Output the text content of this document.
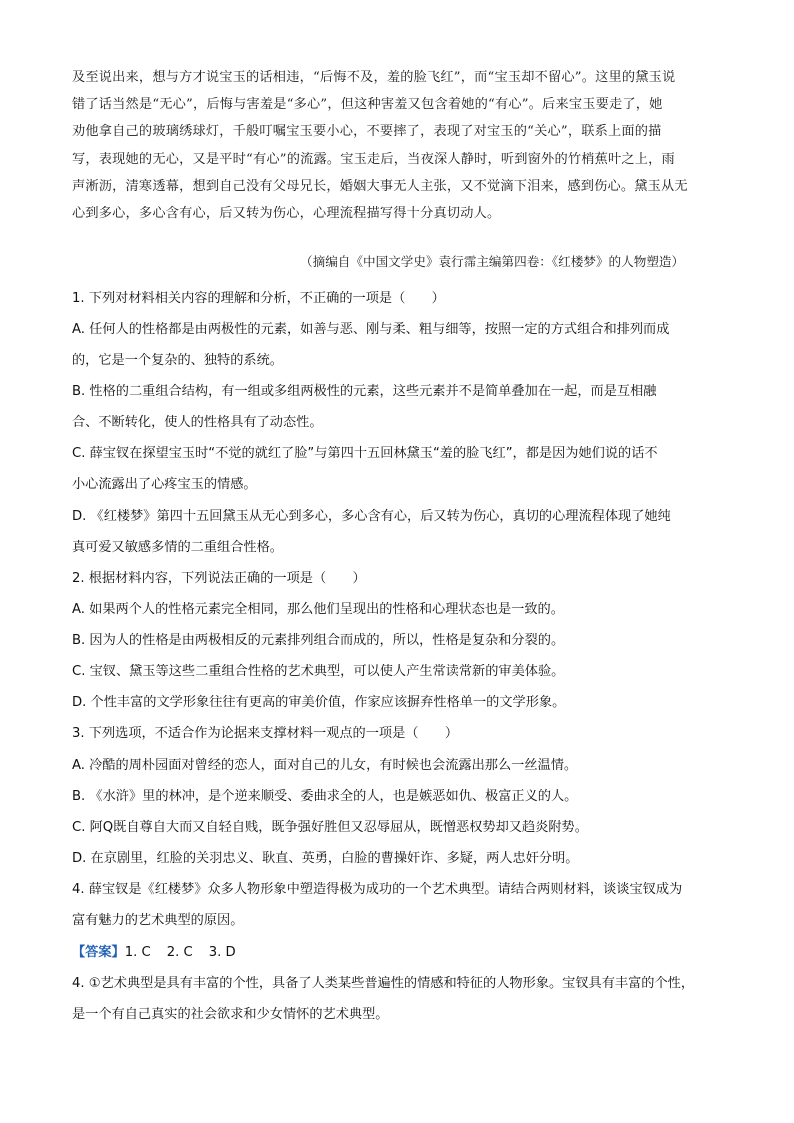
及至说出来，想与方才说宝玉的话相违，“后悔不及，羞的脸飞红”，而“宝玉却不留心”。这里的黛玉说
错了话当然是“无心”，后悔与害羞是“多心”，但这种害羞又包含着她的“有心”。后来宝玉要走了，她
劝他拿自己的玻璃绣球灯，千般叮嘱宝玉要小心，不要摔了，表现了对宝玉的“关心”，联系上面的描
写，表现她的无心，又是平时“有心”的流露。宝玉走后，当夜深人静时，听到窗外的竹梢蕉叶之上，雨
声淅沥，清寒透幕，想到自己没有父母兄长，婚姻大事无人主张，又不觉滴下泪来，感到伤心。黛玉从无
心到多心，多心含有心，后又转为伤心，心理流程描写得十分真切动人。
（摘编自《中国文学史》袁行霈主编第四卷：《红楼梦》的人物塑造）
1. 下列对材料相关内容的理解和分析，不正确的一项是（　　）
A. 任何人的性格都是由两极性的元素，如善与恶、刚与柔、粗与细等，按照一定的方式组合和排列而成
的，它是一个复杂的、独特的系统。
B. 性格的二重组合结构，有一组或多组两极性的元素，这些元素并不是简单叠加在一起，而是互相融
合、不断转化，使人的性格具有了动态性。
C. 薛宝钗在探望宝玉时“不觉的就红了脸”与第四十五回林黛玉“羞的脸飞红”，都是因为她们说的话不
小心流露出了心疼宝玉的情感。
D. 《红楼梦》第四十五回黛玉从无心到多心，多心含有心，后又转为伤心，真切的心理流程体现了她纯
真可爱又敏感多情的二重组合性格。
2. 根据材料内容，下列说法正确的一项是（　　）
A. 如果两个人的性格元素完全相同，那么他们呈现出的性格和心理状态也是一致的。
B. 因为人的性格是由两极相反的元素排列组合而成的，所以，性格是复杂和分裂的。
C. 宝钗、黛玉等这些二重组合性格的艺术典型，可以使人产生常读常新的审美体验。
D. 个性丰富的文学形象往往有更高的审美价值，作家应该摒弃性格单一的文学形象。
3. 下列选项，不适合作为论据来支撑材料一观点的一项是（　　）
A. 冷酷的周朴园面对曾经的恋人，面对自己的儿女，有时候也会流露出那么一丝温情。
B. 《水浒》里的林冲，是个逆来顺受、委曲求全的人，也是嫉恶如仇、极富正义的人。
C. 阿Q既自尊自大而又自轻自贱，既争强好胜但又忍辱屈从，既憎恶权势却又趋炎附势。
D. 在京剧里，红脸的关羽忠义、耿直、英勇，白脸的曹操奸诈、多疑，两人忠奸分明。
4. 薛宝钗是《红楼梦》众多人物形象中塑造得极为成功的一个艺术典型。请结合两则材料，谈谈宝钗成为
富有魅力的艺术典型的原因。
【答案】1. C 2. C 3. D
4. ①艺术典型是具有丰富的个性，具备了人类某些普遍性的情感和特征的人物形象。宝钗具有丰富的个性，
是一个有自己真实的社会欲求和少女情怀的艺术典型。
